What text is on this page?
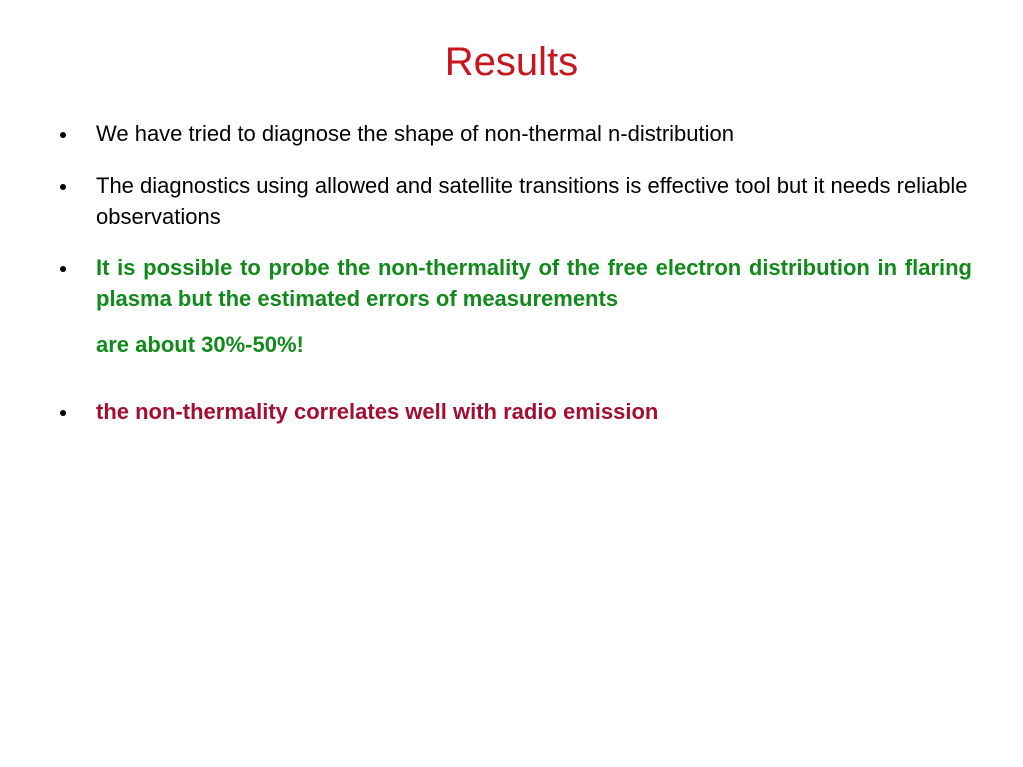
Results
We have tried to diagnose the shape of non-thermal n-distribution
The diagnostics using allowed and satellite transitions is effective tool but it needs reliable observations
It is possible to probe the non-thermality of the free electron distribution in flaring plasma but the estimated errors of measurements
are about 30%-50%!
the non-thermality correlates well with radio emission
